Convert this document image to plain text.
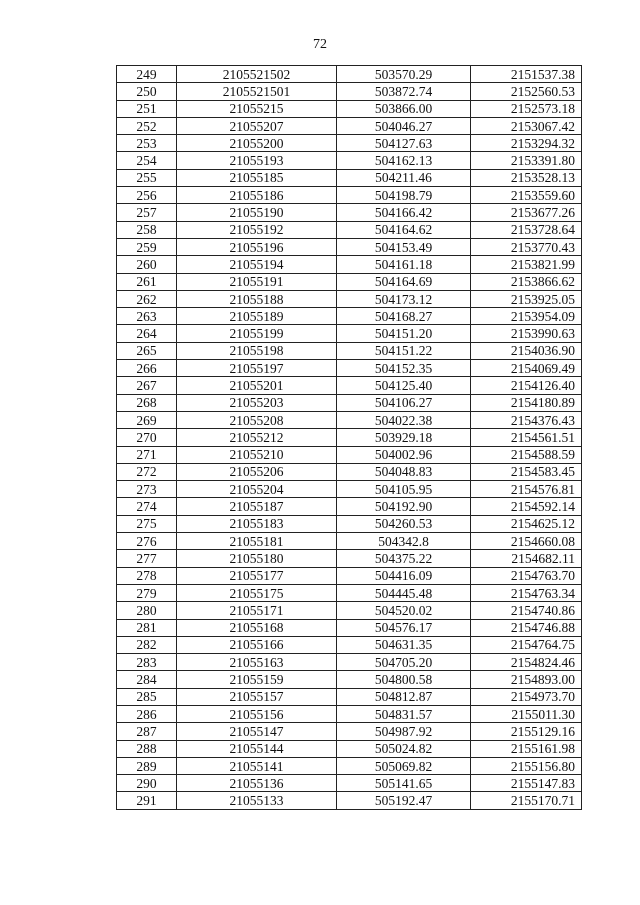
72
249	2105521502	503570.29	2151537.38
250	2105521501	503872.74	2152560.53
251	21055215	503866.00	2152573.18
252	21055207	504046.27	2153067.42
253	21055200	504127.63	2153294.32
254	21055193	504162.13	2153391.80
255	21055185	504211.46	2153528.13
256	21055186	504198.79	2153559.60
257	21055190	504166.42	2153677.26
258	21055192	504164.62	2153728.64
259	21055196	504153.49	2153770.43
260	21055194	504161.18	2153821.99
261	21055191	504164.69	2153866.62
262	21055188	504173.12	2153925.05
263	21055189	504168.27	2153954.09
264	21055199	504151.20	2153990.63
265	21055198	504151.22	2154036.90
266	21055197	504152.35	2154069.49
267	21055201	504125.40	2154126.40
268	21055203	504106.27	2154180.89
269	21055208	504022.38	2154376.43
270	21055212	503929.18	2154561.51
271	21055210	504002.96	2154588.59
272	21055206	504048.83	2154583.45
273	21055204	504105.95	2154576.81
274	21055187	504192.90	2154592.14
275	21055183	504260.53	2154625.12
276	21055181	504342.8	2154660.08
277	21055180	504375.22	2154682.11
278	21055177	504416.09	2154763.70
279	21055175	504445.48	2154763.34
280	21055171	504520.02	2154740.86
281	21055168	504576.17	2154746.88
282	21055166	504631.35	2154764.75
283	21055163	504705.20	2154824.46
284	21055159	504800.58	2154893.00
285	21055157	504812.87	2154973.70
286	21055156	504831.57	2155011.30
287	21055147	504987.92	2155129.16
288	21055144	505024.82	2155161.98
289	21055141	505069.82	2155156.80
290	21055136	505141.65	2155147.83
291	21055133	505192.47	2155170.71
